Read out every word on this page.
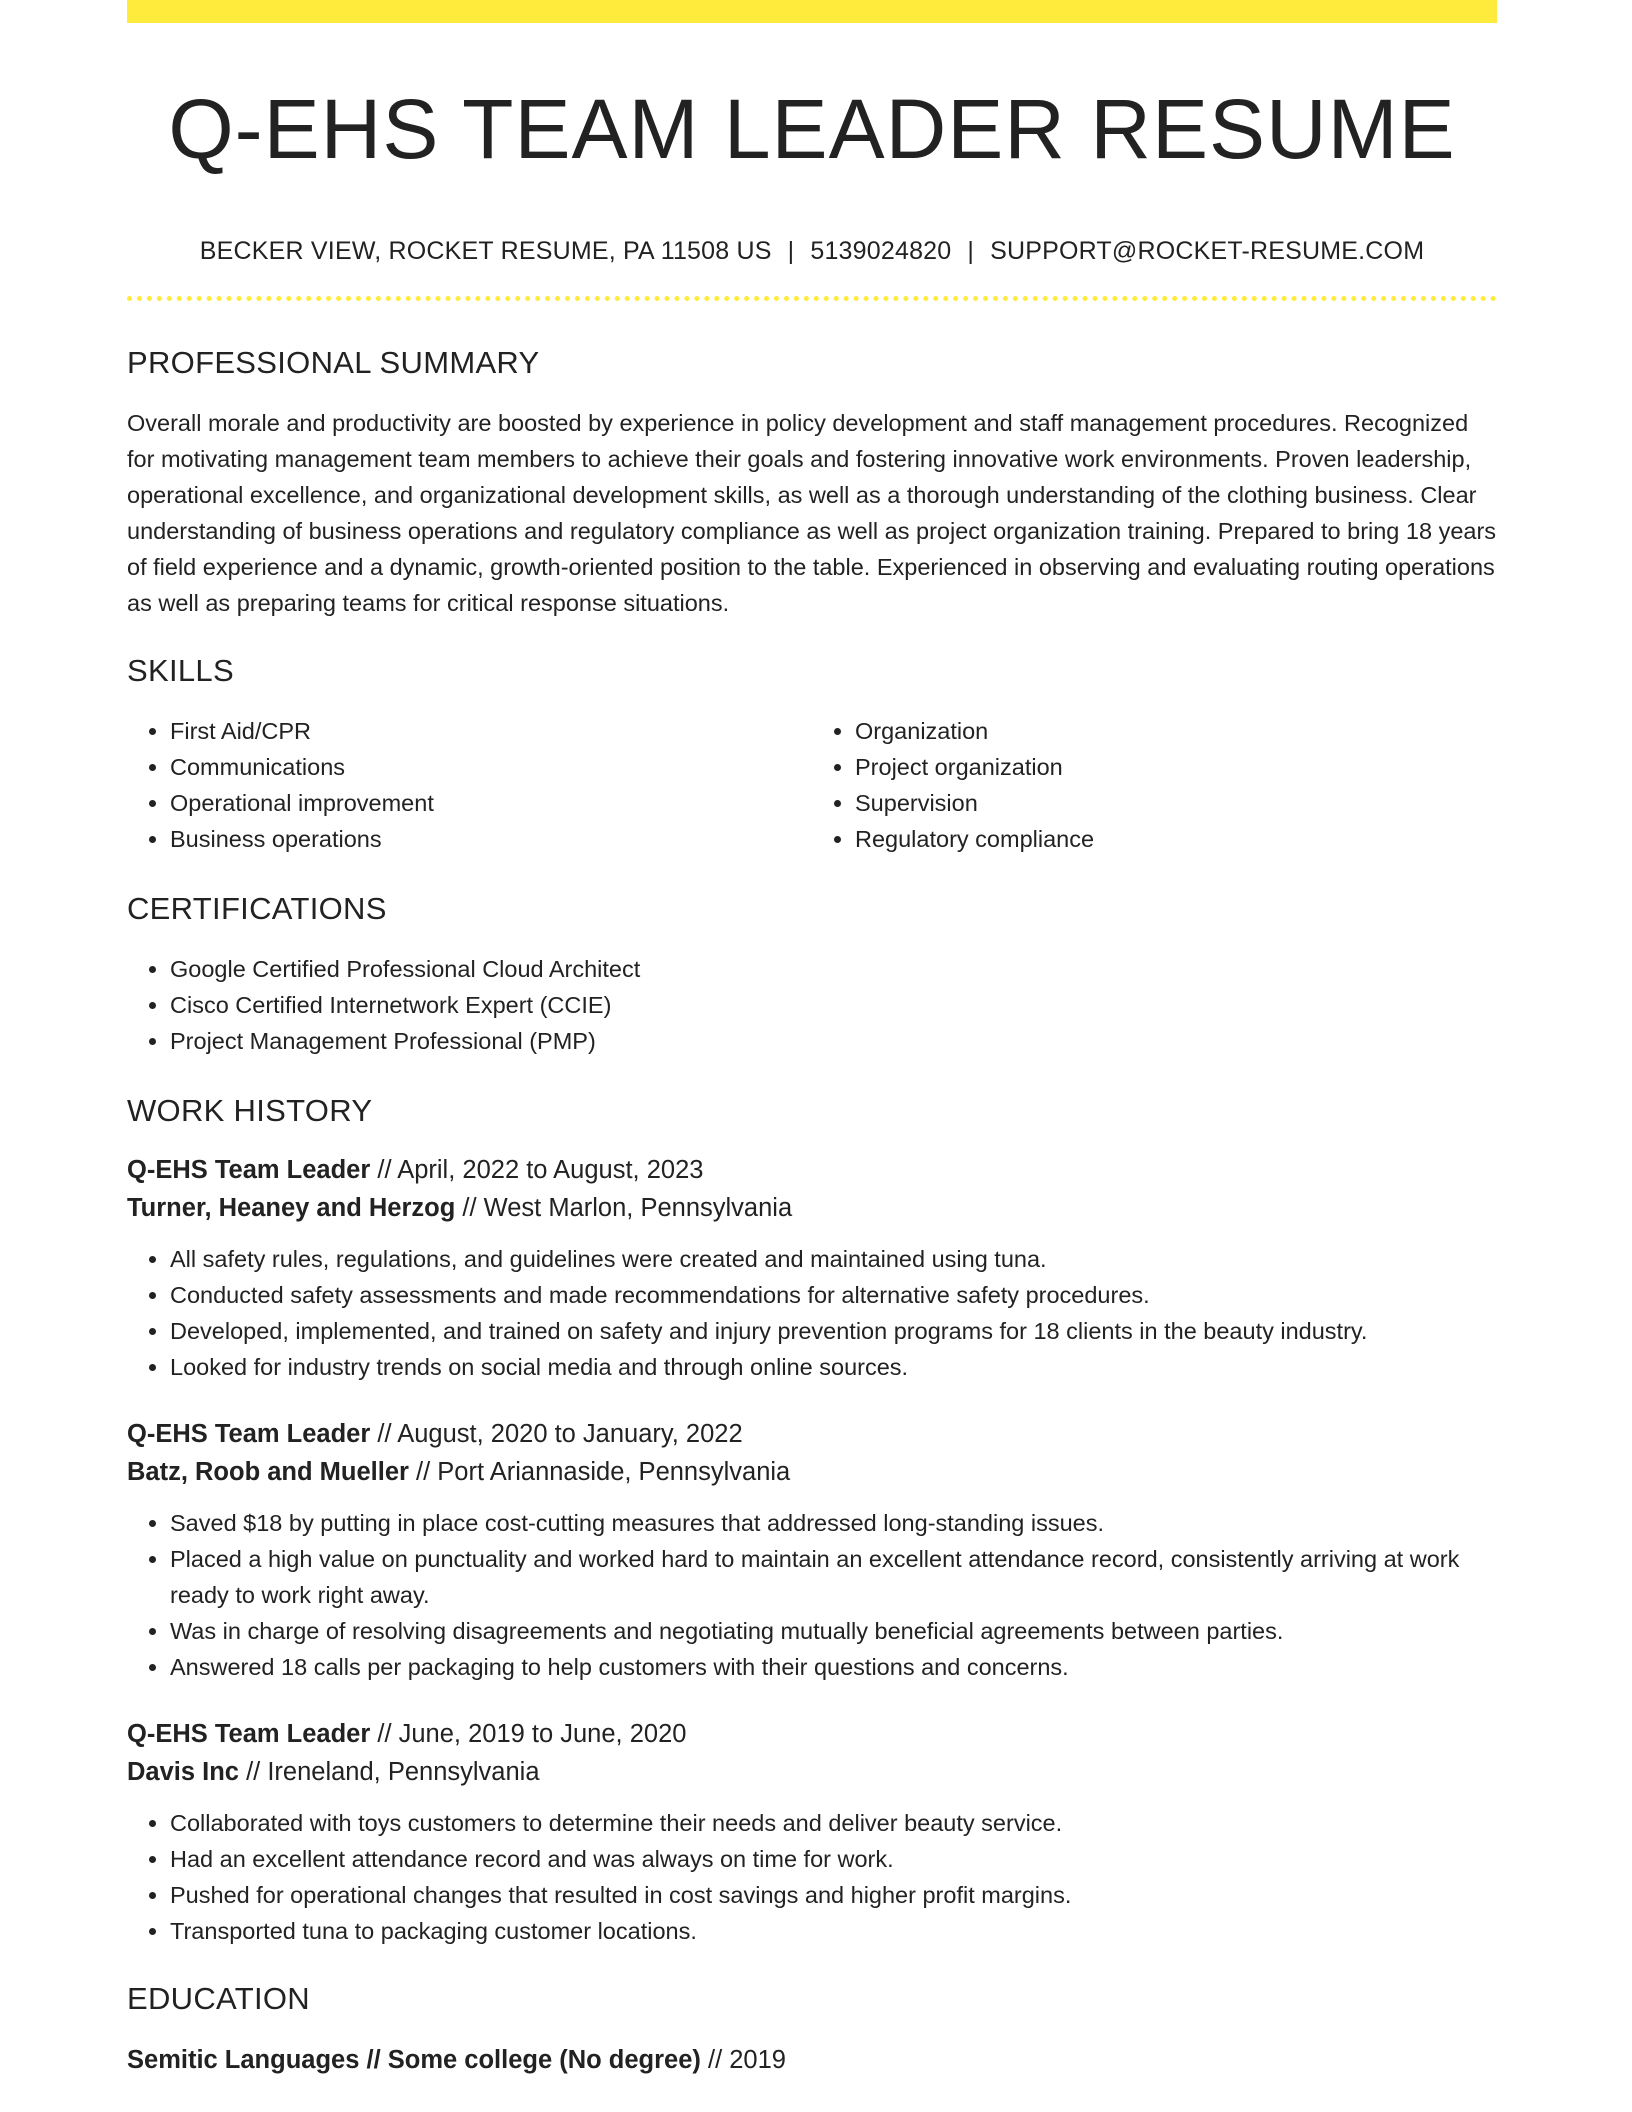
Q-EHS TEAM LEADER RESUME
BECKER VIEW, ROCKET RESUME, PA 11508 US | 5139024820 | SUPPORT@ROCKET-RESUME.COM
PROFESSIONAL SUMMARY
Overall morale and productivity are boosted by experience in policy development and staff management procedures. Recognized for motivating management team members to achieve their goals and fostering innovative work environments. Proven leadership, operational excellence, and organizational development skills, as well as a thorough understanding of the clothing business. Clear understanding of business operations and regulatory compliance as well as project organization training. Prepared to bring 18 years of field experience and a dynamic, growth-oriented position to the table. Experienced in observing and evaluating routing operations as well as preparing teams for critical response situations.
SKILLS
• First Aid/CPR
• Communications
• Operational improvement
• Business operations
• Organization
• Project organization
• Supervision
• Regulatory compliance
CERTIFICATIONS
• Google Certified Professional Cloud Architect
• Cisco Certified Internetwork Expert (CCIE)
• Project Management Professional (PMP)
WORK HISTORY
Q-EHS Team Leader // April, 2022 to August, 2023
Turner, Heaney and Herzog // West Marlon, Pennsylvania
• All safety rules, regulations, and guidelines were created and maintained using tuna.
• Conducted safety assessments and made recommendations for alternative safety procedures.
• Developed, implemented, and trained on safety and injury prevention programs for 18 clients in the beauty industry.
• Looked for industry trends on social media and through online sources.
Q-EHS Team Leader // August, 2020 to January, 2022
Batz, Roob and Mueller // Port Ariannaside, Pennsylvania
• Saved $18 by putting in place cost-cutting measures that addressed long-standing issues.
• Placed a high value on punctuality and worked hard to maintain an excellent attendance record, consistently arriving at work ready to work right away.
• Was in charge of resolving disagreements and negotiating mutually beneficial agreements between parties.
• Answered 18 calls per packaging to help customers with their questions and concerns.
Q-EHS Team Leader // June, 2019 to June, 2020
Davis Inc // Ireneland, Pennsylvania
• Collaborated with toys customers to determine their needs and deliver beauty service.
• Had an excellent attendance record and was always on time for work.
• Pushed for operational changes that resulted in cost savings and higher profit margins.
• Transported tuna to packaging customer locations.
EDUCATION
Semitic Languages // Some college (No degree) // 2019
